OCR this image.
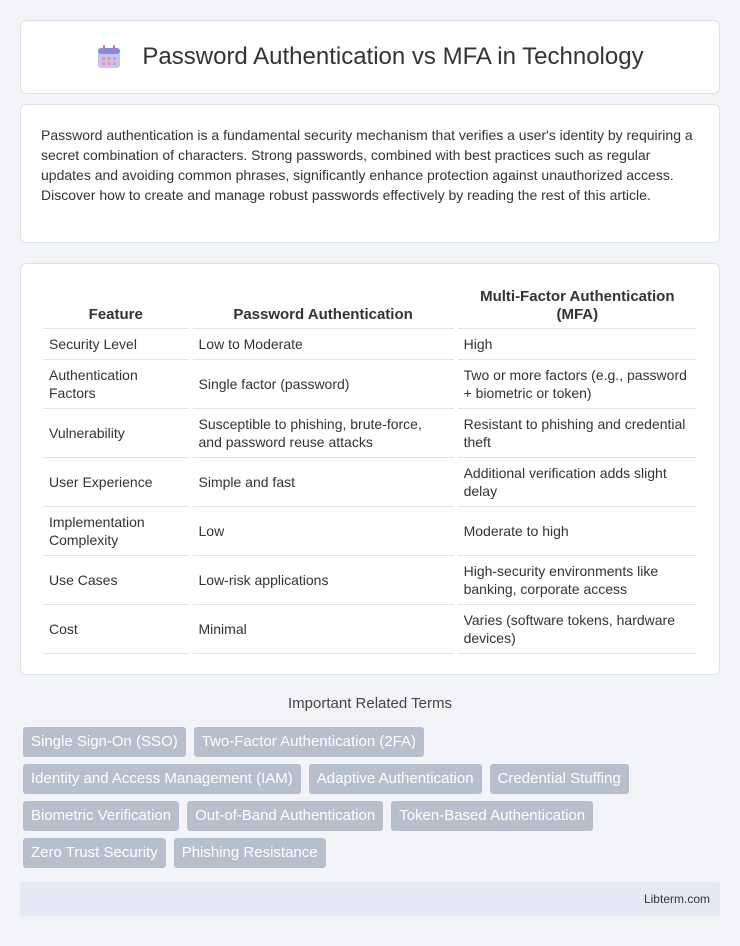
Password Authentication vs MFA in Technology

Password authentication is a fundamental security mechanism that verifies a user's identity by requiring a secret combination of characters. Strong passwords, combined with best practices such as regular updates and avoiding common phrases, significantly enhance protection against unauthorized access. Discover how to create and manage robust passwords effectively by reading the rest of this article.

Feature	Password Authentication	Multi-Factor Authentication (MFA)
Security Level	Low to Moderate	High
Authentication Factors	Single factor (password)	Two or more factors (e.g., password + biometric or token)
Vulnerability	Susceptible to phishing, brute-force, and password reuse attacks	Resistant to phishing and credential theft
User Experience	Simple and fast	Additional verification adds slight delay
Implementation Complexity	Low	Moderate to high
Use Cases	Low-risk applications	High-security environments like banking, corporate access
Cost	Minimal	Varies (software tokens, hardware devices)
Important Related Terms
Single Sign-On (SSO)	Two-Factor Authentication (2FA)
Identity and Access Management (IAM)	Adaptive Authentication	Credential Stuffing
Biometric Verification	Out-of-Band Authentication	Token-Based Authentication
Zero Trust Security	Phishing Resistance
Libterm.com
